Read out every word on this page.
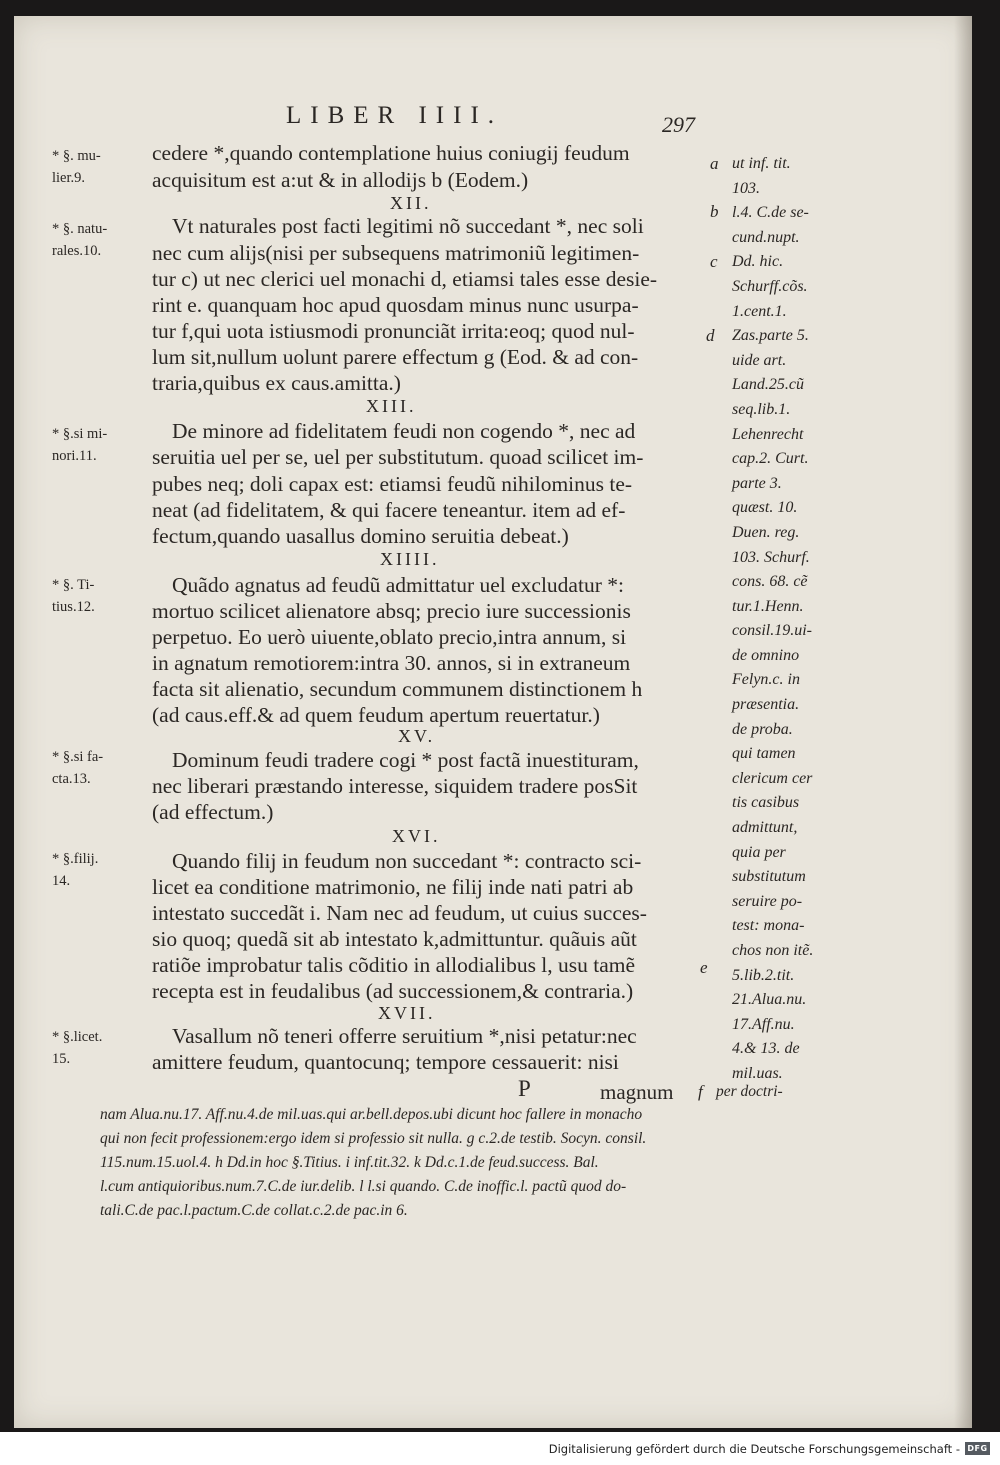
LIBER IIII.	297
cedere *,quando contemplatione huius coniugij feudum
acquisitum est a:ut & in allodijs b (Eodem.)
XII.
Vt naturales post facti legitimi nõ succedant *, nec soli
nec cum alijs(nisi per subsequens matrimoniũ legitimen-
tur c) ut nec clerici uel monachi d, etiamsi tales esse desie-
rint e. quanquam hoc apud quosdam minus nunc usurpa-
tur f,qui uota istiusmodi pronunciãt irrita:eoq; quod nul-
lum sit,nullum uolunt parere effectum g (Eod. & ad con-
traria,quibus ex caus.amitta.)
XIII.
De minore ad fidelitatem feudi non cogendo *, nec ad
seruitia uel per se, uel per substitutum. quoad scilicet im-
pubes neq; doli capax est: etiamsi feudũ nihilominus te-
neat (ad fidelitatem, & qui facere teneantur. item ad ef-
fectum,quando uasallus domino seruitia debeat.)
XIIII.
Quãdo agnatus ad feudũ admittatur uel excludatur *:
mortuo scilicet alienatore absq; precio iure successionis
perpetuo. Eo uerò uiuente,oblato precio,intra annum, si
in agnatum remotiorem:intra 30. annos, si in extraneum
facta sit alienatio, secundum communem distinctionem h
(ad caus.eff.& ad quem feudum apertum reuertatur.)
XV.
Dominum feudi tradere cogi * post factã inuestituram,
nec liberari præstando interesse, siquidem tradere posSit
(ad effectum.)
XVI.
Quando filij in feudum non succedant *: contracto sci-
licet ea conditione matrimonio, ne filij inde nati patri ab
intestato succedãt i. Nam nec ad feudum, ut cuius succes-
sio quoq; quedã sit ab intestato k,admittuntur. quãuis aũt
ratiõe improbatur talis cõditio in allodialibus l, usu tamẽ
recepta est in feudalibus (ad successionem,& contraria.)
XVII.
Vasallum nõ teneri offerre seruitium *,nisi petatur:nec
amittere feudum, quantocunq; tempore cessauerit: nisi
* §. mu-
lier.9.
* §. natu-
rales.10.
* §.si mi-
nori.11.
* §. Ti-
tius.12.
* §.si fa-
cta.13.
* §.filij.
14.
* §.licet.
15.
a
b
c
d
e
ut inf. tit.
103.
l.4. C.de se-
cund.nupt.
Dd. hic.
Schurff.cõs.
1.cent.1.
Zas.parte 5.
uide art.
Land.25.cũ
seq.lib.1.
Lehenrecht
cap.2. Curt.
parte 3.
quæst. 10.
Duen. reg.
103. Schurf.
cons. 68. cẽ
tur.1.Henn.
consil.19.ui-
de omnino
Felyn.c. in
præsentia.
de proba.
qui tamen
clericum cer
tis casibus
admittunt,
quia per
substitutum
seruire po-
test: mona-
chos non itẽ.
5.lib.2.tit.
21.Alua.nu.
17.Aff.nu.
4.& 13. de
mil.uas.
P	magnum f per doctri-
nam Alua.nu.17. Aff.nu.4.de mil.uas.qui ar.bell.depos.ubi dicunt hoc fallere in monacho
qui non fecit professionem:ergo idem si professio sit nulla. g c.2.de testib. Socyn. consil.
115.num.15.uol.4. h Dd.in hoc §.Titius. i inf.tit.32. k Dd.c.1.de feud.success. Bal.
l.cum antiquioribus.num.7.C.de iur.delib. l l.si quando. C.de inoffic.l. pactũ quod do-
tali.C.de pac.l.pactum.C.de collat.c.2.de pac.in 6.
Digitalisierung gefördert durch die Deutsche Forschungsgemeinschaft - DFG
